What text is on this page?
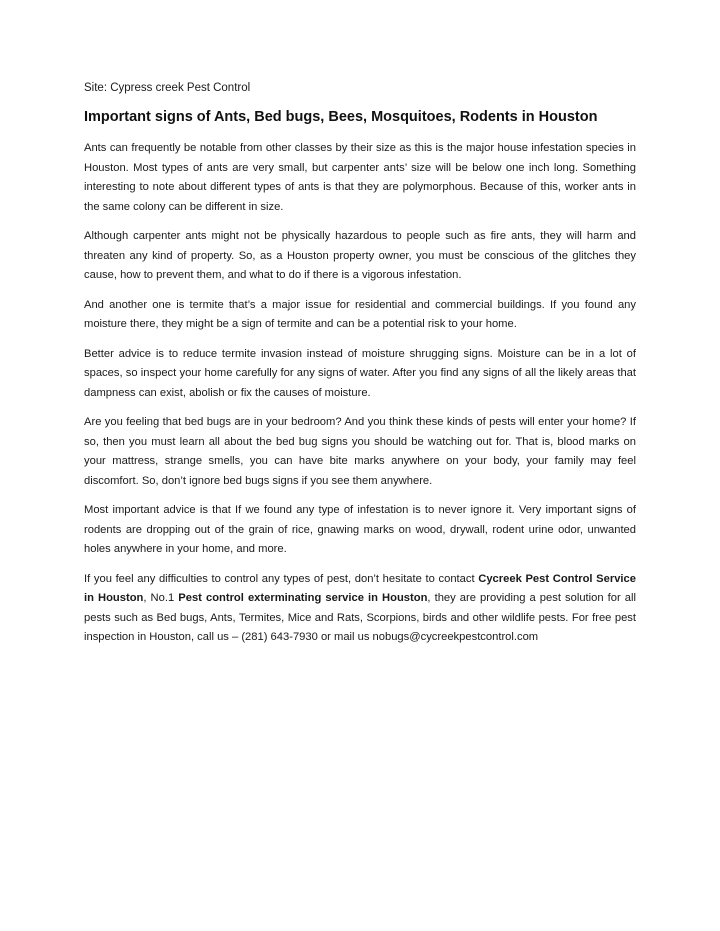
Site: Cypress creek Pest Control

Important signs of Ants, Bed bugs, Bees, Mosquitoes, Rodents in Houston

Ants can frequently be notable from other classes by their size as this is the major house infestation species in Houston. Most types of ants are very small, but carpenter ants’ size will be below one inch long. Something interesting to note about different types of ants is that they are polymorphous. Because of this, worker ants in the same colony can be different in size.

Although carpenter ants might not be physically hazardous to people such as fire ants, they will harm and threaten any kind of property. So, as a Houston property owner, you must be conscious of the glitches they cause, how to prevent them, and what to do if there is a vigorous infestation.

And another one is termite that’s a major issue for residential and commercial buildings. If you found any moisture there, they might be a sign of termite and can be a potential risk to your home.

Better advice is to reduce termite invasion instead of moisture shrugging signs. Moisture can be in a lot of spaces, so inspect your home carefully for any signs of water. After you find any signs of all the likely areas that dampness can exist, abolish or fix the causes of moisture.

Are you feeling that bed bugs are in your bedroom? And you think these kinds of pests will enter your home? If so, then you must learn all about the bed bug signs you should be watching out for. That is, blood marks on your mattress, strange smells, you can have bite marks anywhere on your body, your family may feel discomfort. So, don’t ignore bed bugs signs if you see them anywhere.

Most important advice is that If we found any type of infestation is to never ignore it. Very important signs of rodents are dropping out of the grain of rice, gnawing marks on wood, drywall, rodent urine odor, unwanted holes anywhere in your home, and more.

If you feel any difficulties to control any types of pest, don’t hesitate to contact Cycreek Pest Control Service in Houston, No.1 Pest control exterminating service in Houston, they are providing a pest solution for all pests such as Bed bugs, Ants, Termites, Mice and Rats, Scorpions, birds and other wildlife pests. For free pest inspection in Houston, call us – (281) 643-7930 or mail us nobugs@cycreekpestcontrol.com
